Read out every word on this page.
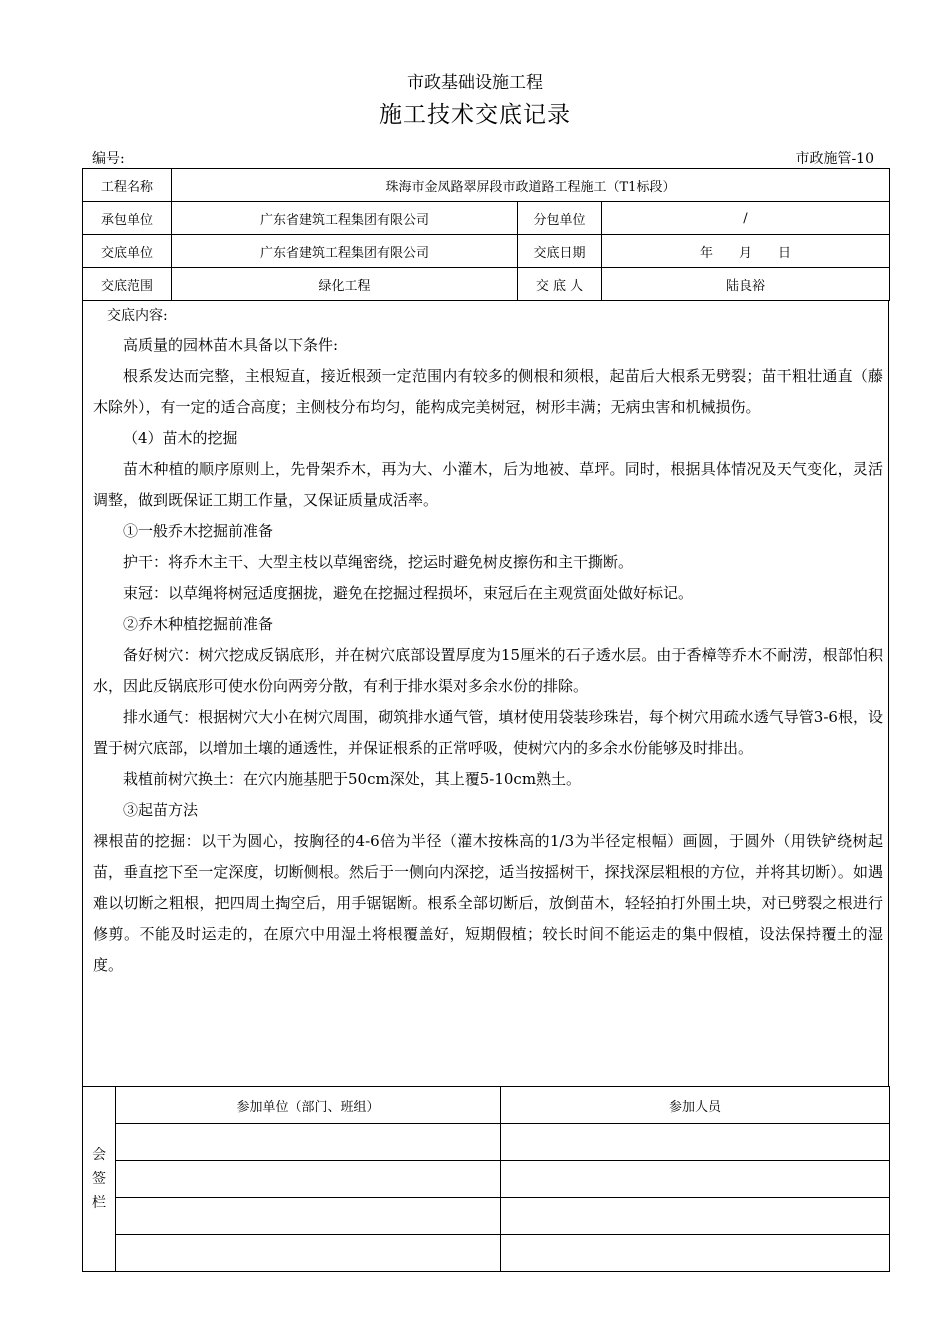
市政基础设施工程
施工技术交底记录
编号:	市政施管-10
工程名称	珠海市金凤路翠屏段市政道路工程施工（T1标段）		
承包单位	广东省建筑工程集团有限公司	分包单位	/
交底单位	广东省建筑工程集团有限公司	交底日期	年　　月　　日
交底范围	绿化工程	交 底 人	陆良裕
交底内容:

高质量的园林苗木具备以下条件:

根系发达而完整，主根短直，接近根颈一定范围内有较多的侧根和须根，起苗后大根系无劈裂；苗干粗壮通直（藤木除外），有一定的适合高度；主侧枝分布均匀，能构成完美树冠，树形丰满；无病虫害和机械损伤。

（4）苗木的挖掘

苗木种植的顺序原则上，先骨架乔木，再为大、小灌木，后为地被、草坪。同时，根据具体情况及天气变化，灵活调整，做到既保证工期工作量，又保证质量成活率。

①一般乔木挖掘前准备

护干：将乔木主干、大型主枝以草绳密绕，挖运时避免树皮擦伤和主干撕断。

束冠：以草绳将树冠适度捆拢，避免在挖掘过程损坏，束冠后在主观赏面处做好标记。

②乔木种植挖掘前准备

备好树穴：树穴挖成反锅底形，并在树穴底部设置厚度为15厘米的石子透水层。由于香樟等乔木不耐涝，根部怕积水，因此反锅底形可使水份向两旁分散，有利于排水渠对多余水份的排除。

排水通气：根据树穴大小在树穴周围，砌筑排水通气管，填材使用袋装珍珠岩，每个树穴用疏水透气导管3-6根，设置于树穴底部，以增加土壤的通透性，并保证根系的正常呼吸，使树穴内的多余水份能够及时排出。

栽植前树穴换土：在穴内施基肥于50cm深处，其上覆5-10cm熟土。

③起苗方法

裸根苗的挖掘：以干为圆心，按胸径的4-6倍为半径（灌木按株高的1/3为半径定根幅）画圆，于圆外（用铁铲绕树起苗，垂直挖下至一定深度，切断侧根。然后于一侧向内深挖，适当按摇树干，探找深层粗根的方位，并将其切断）。如遇难以切断之粗根，把四周土掏空后，用手锯锯断。根系全部切断后，放倒苗木，轻轻拍打外围土块，对已劈裂之根进行修剪。不能及时运走的，在原穴中用湿土将根覆盖好，短期假植；较长时间不能运走的集中假植，设法保持覆土的湿度。

会签栏	参加单位（部门、班组）	参加人员
